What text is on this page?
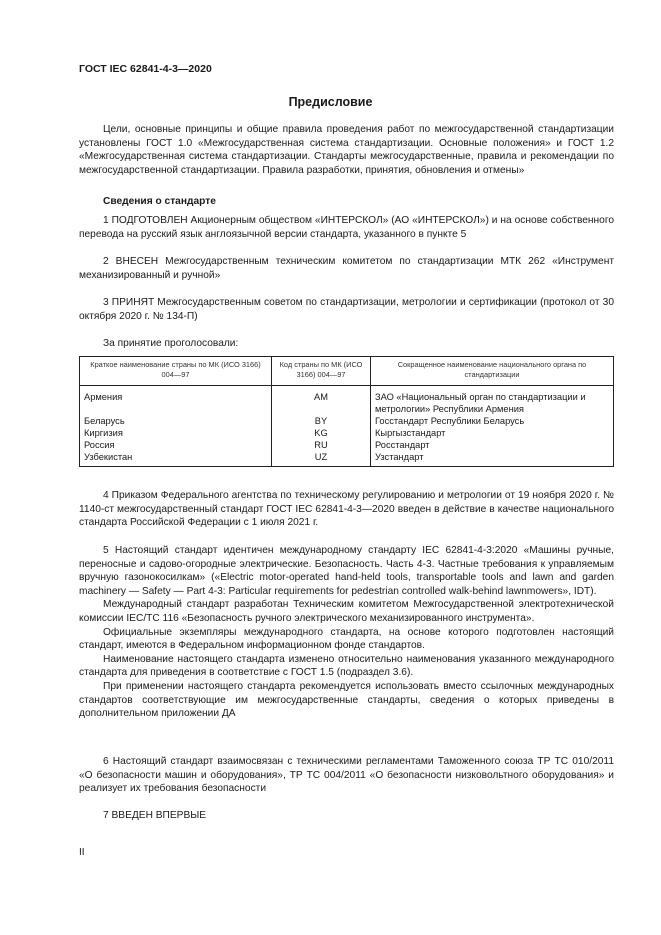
ГОСТ IEC 62841-4-3—2020
Предисловие

Цели, основные принципы и общие правила проведения работ по межгосударственной стандартизации установлены ГОСТ 1.0 «Межгосударственная система стандартизации. Основные положения» и ГОСТ 1.2 «Межгосударственная система стандартизации. Стандарты межгосударственные, правила и рекомендации по межгосударственной стандартизации. Правила разработки, принятия, обновления и отмены»

Сведения о стандарте

1 ПОДГОТОВЛЕН Акционерным обществом «ИНТЕРСКОЛ» (АО «ИНТЕРСКОЛ») и на основе собственного перевода на русский язык англоязычной версии стандарта, указанного в пункте 5

2 ВНЕСЕН Межгосударственным техническим комитетом по стандартизации МТК 262 «Инструмент механизированный и ручной»

3 ПРИНЯТ Межгосударственным советом по стандартизации, метрологии и сертификации (протокол от 30 октября 2020 г. № 134-П)

За принятие проголосовали:

Краткое наименование страны по МК (ИСО 3166) 004—97	Код страны по МК (ИСО 3166) 004—97	Сокращенное наименование национального органа по стандартизации
Армения	AM	ЗАО «Национальный орган по стандартизации и метрологии» Республики Армения
Беларусь	BY	Госстандарт Республики Беларусь
Киргизия	KG	Кыргызстандарт
Россия	RU	Росстандарт
Узбекистан	UZ	Узстандарт

4 Приказом Федерального агентства по техническому регулированию и метрологии от 19 ноября 2020 г. № 1140-ст межгосударственный стандарт ГОСТ IEC 62841-4-3—2020 введен в действие в качестве национального стандарта Российской Федерации с 1 июля 2021 г.

5 Настоящий стандарт идентичен международному стандарту IEC 62841-4-3:2020 «Машины ручные, переносные и садово-огородные электрические. Безопасность. Часть 4-3. Частные требования к управляемым вручную газонокосилкам» («Electric motor-operated hand-held tools, transportable tools and lawn and garden machinery — Safety — Part 4-3: Particular requirements for pedestrian controlled walk-behind lawnmowers», IDT).

Международный стандарт разработан Техническим комитетом Межгосударственной электротехнической комиссии IEC/TC 116 «Безопасность ручного электрического механизированного инструмента».

Официальные экземпляры международного стандарта, на основе которого подготовлен настоящий стандарт, имеются в Федеральном информационном фонде стандартов.

Наименование настоящего стандарта изменено относительно наименования указанного международного стандарта для приведения в соответствие с ГОСТ 1.5 (подраздел 3.6).

При применении настоящего стандарта рекомендуется использовать вместо ссылочных международных стандартов соответствующие им межгосударственные стандарты, сведения о которых приведены в дополнительном приложении ДА

6 Настоящий стандарт взаимосвязан с техническими регламентами Таможенного союза ТР ТС 010/2011 «О безопасности машин и оборудования», ТР ТС 004/2011 «О безопасности низковольтного оборудования» и реализует их требования безопасности

7 ВВЕДЕН ВПЕРВЫЕ

II
